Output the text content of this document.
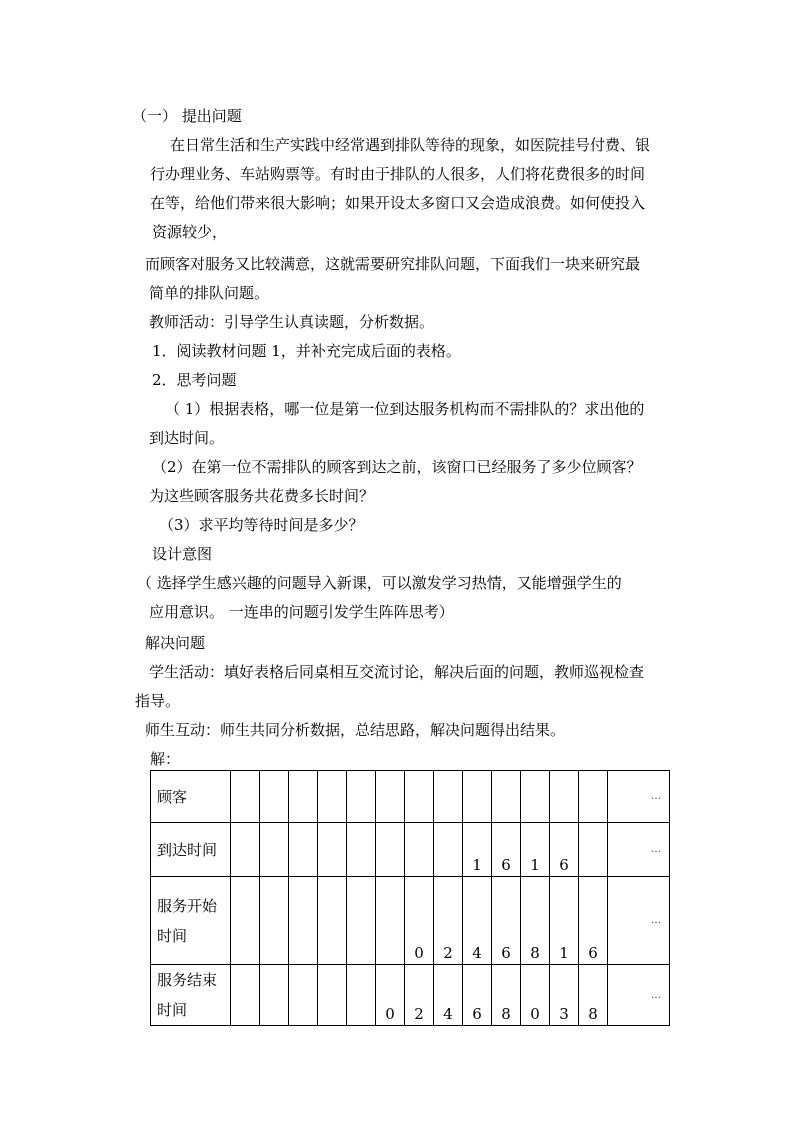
（一） 提出问题
在日常生活和生产实践中经常遇到排队等待的现象，如医院挂号付费、银
行办理业务、车站购票等。有时由于排队的人很多，人们将花费很多的时间
在等，给他们带来很大影响；如果开设太多窗口又会造成浪费。如何使投入
资源较少，
而顾客对服务又比较满意，这就需要研究排队问题，下面我们一块来研究最
简单的排队问题。
教师活动：引导学生认真读题，分析数据。
1．阅读教材问题 1，并补充完成后面的表格。
2．思考问题
（ 1）根据表格，哪一位是第一位到达服务机构而不需排队的？求出他的
到达时间。
（2）在第一位不需排队的顾客到达之前，该窗口已经服务了多少位顾客？
为这些顾客服务共花费多长时间？
（3）求平均等待时间是多少？
设计意图
（ 选择学生感兴趣的问题导入新课，可以激发学习热情，又能增强学生的
应用意识。 一连串的问题引发学生阵阵思考）
解决问题
学生活动：填好表格后同桌相互交流讨论，解决后面的问题，教师巡视检查
指导。
师生互动：师生共同分析数据，总结思路，解决问题得出结果。
解：
顾客														…
到达时间									1	6	1	6		…
服务开始时间							0	2	4	6	8	1	6	…
服务结束时间						0	2	4	6	8	0	3	8	…
